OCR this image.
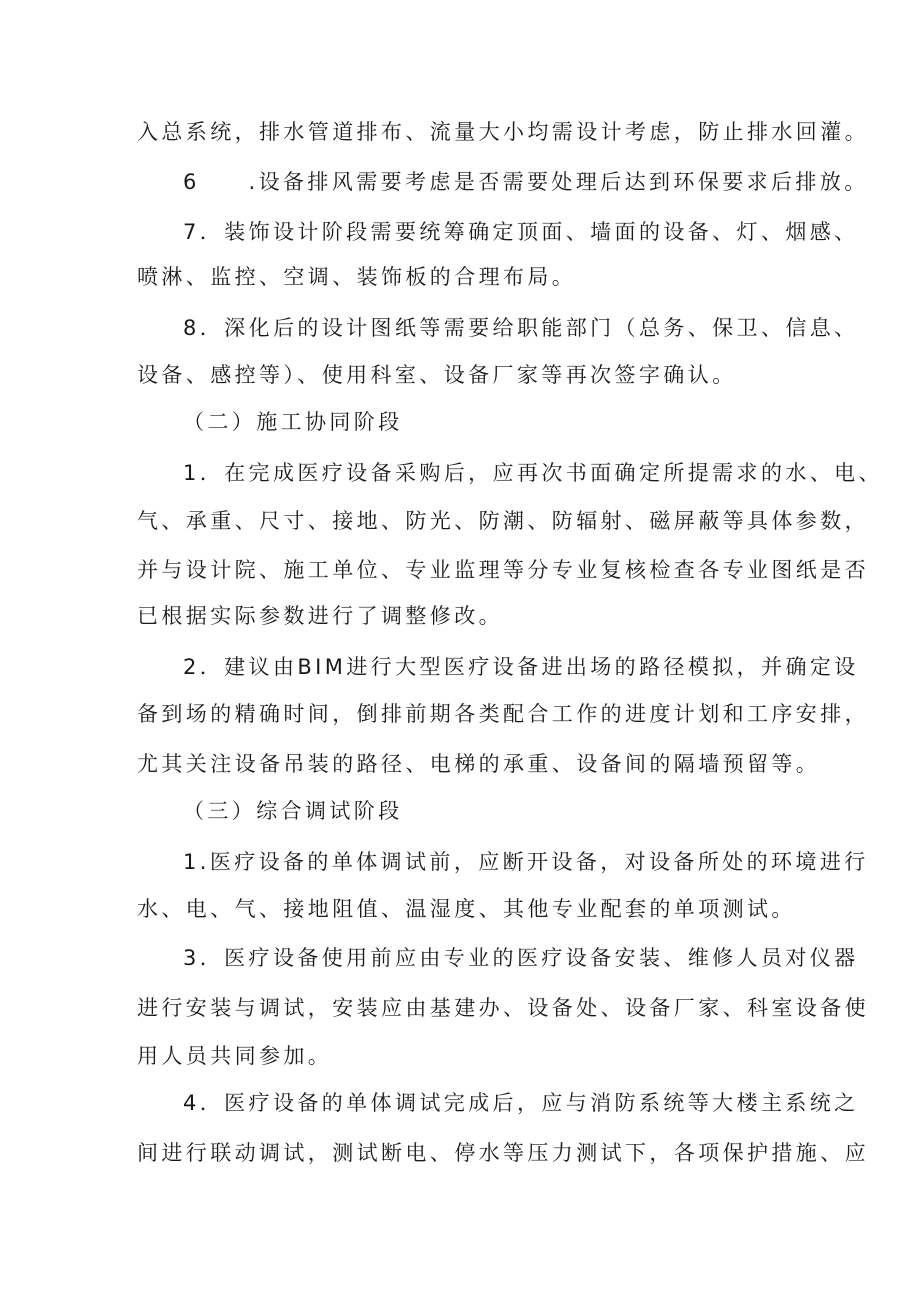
入总系统，排水管道排布、流量大小均需设计考虑，防止排水回灌。
6　　.设备排风需要考虑是否需要处理后达到环保要求后排放。
7．装饰设计阶段需要统筹确定顶面、墙面的设备、灯、烟感、
喷淋、监控、空调、装饰板的合理布局。
8．深化后的设计图纸等需要给职能部门（总务、保卫、信息、
设备、感控等）、使用科室、设备厂家等再次签字确认。
（二）施工协同阶段
1．在完成医疗设备采购后，应再次书面确定所提需求的水、电、
气、承重、尺寸、接地、防光、防潮、防辐射、磁屏蔽等具体参数，
并与设计院、施工单位、专业监理等分专业复核检查各专业图纸是否
已根据实际参数进行了调整修改。
2．建议由BIM进行大型医疗设备进出场的路径模拟，并确定设
备到场的精确时间，倒排前期各类配合工作的进度计划和工序安排，
尤其关注设备吊装的路径、电梯的承重、设备间的隔墙预留等。
（三）综合调试阶段
1.医疗设备的单体调试前，应断开设备，对设备所处的环境进行
水、电、气、接地阻值、温湿度、其他专业配套的单项测试。
3．医疗设备使用前应由专业的医疗设备安装、维修人员对仪器
进行安装与调试，安装应由基建办、设备处、设备厂家、科室设备使
用人员共同参加。
4．医疗设备的单体调试完成后，应与消防系统等大楼主系统之
间进行联动调试，测试断电、停水等压力测试下，各项保护措施、应
